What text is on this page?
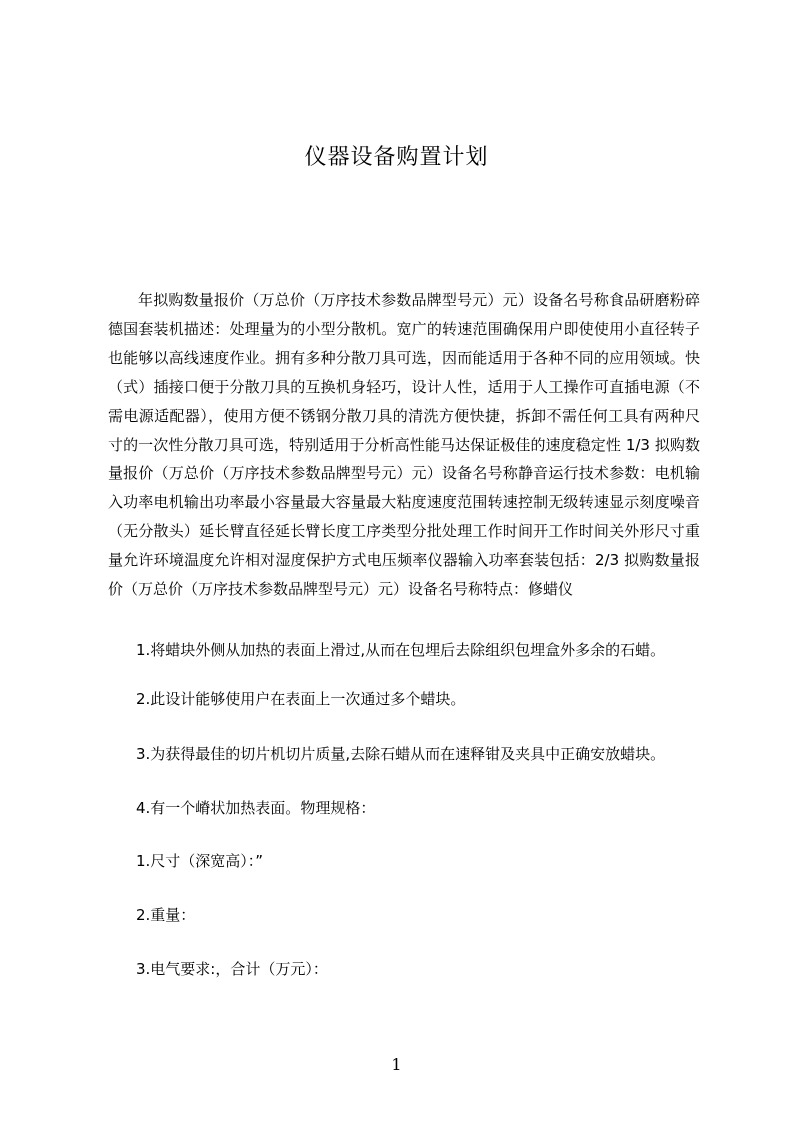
仪器设备购置计划

年拟购数量报价（万总价（万序技术参数品牌型号元）元）设备名号称食品研磨粉碎德国套装机描述：处理量为的小型分散机。宽广的转速范围确保用户即使使用小直径转子也能够以高线速度作业。拥有多种分散刀具可选，因而能适用于各种不同的应用领域。快（式）插接口便于分散刀具的互换机身轻巧，设计人性，适用于人工操作可直插电源（不需电源适配器），使用方便不锈钢分散刀具的清洗方便快捷，拆卸不需任何工具有两种尺寸的一次性分散刀具可选，特别适用于分析高性能马达保证极佳的速度稳定性 1/3 拟购数量报价（万总价（万序技术参数品牌型号元）元）设备名号称静音运行技术参数：电机输入功率电机输出功率最小容量最大容量最大粘度速度范围转速控制无级转速显示刻度噪音（无分散头）延长臂直径延长臂长度工序类型分批处理工作时间开工作时间关外形尺寸重量允许环境温度允许相对湿度保护方式电压频率仪器输入功率套装包括：2/3 拟购数量报价（万总价（万序技术参数品牌型号元）元）设备名号称特点：修蜡仪

1.将蜡块外侧从加热的表面上滑过,从而在包埋后去除组织包埋盒外多余的石蜡。

2.此设计能够使用户在表面上一次通过多个蜡块。

3.为获得最佳的切片机切片质量,去除石蜡从而在速释钳及夹具中正确安放蜡块。

4.有一个嵴状加热表面。物理规格：

1.尺寸（深宽高）：”

2.重量：

3.电气要求:，合计（万元）：

1
